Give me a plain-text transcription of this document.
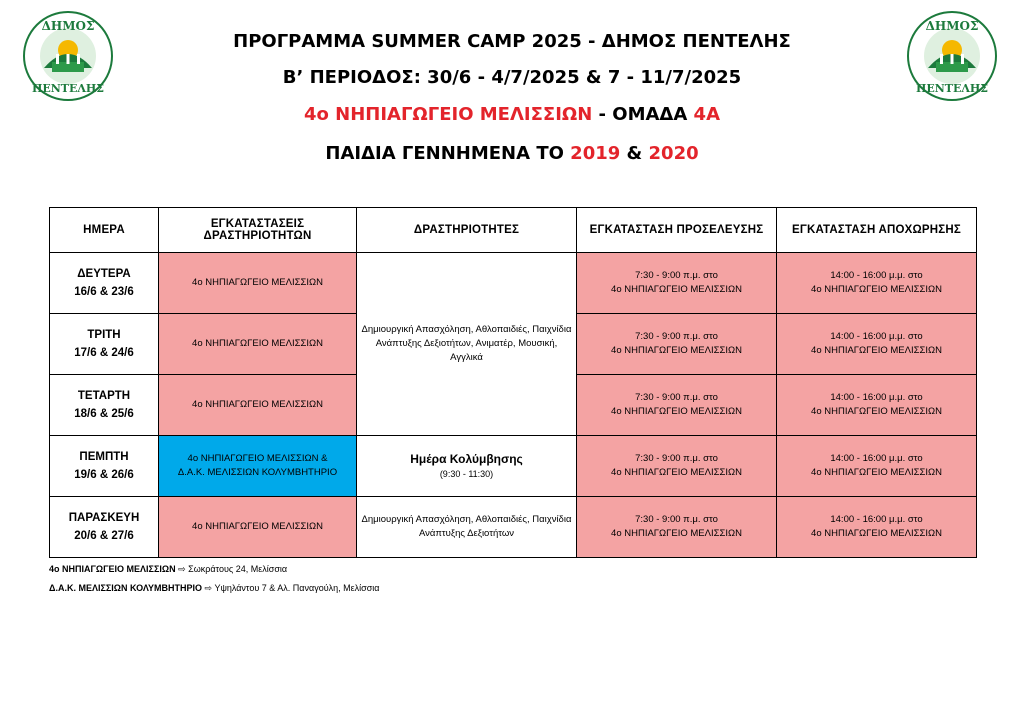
ΔΗΜΟΣ
ΠΕΝΤΕΛΗΣ
ΔΗΜΟΣ
ΠΕΝΤΕΛΗΣ
ΠΡΟΓΡΑΜΜΑ SUMMER CAMP 2025 - ΔΗΜΟΣ ΠΕΝΤΕΛΗΣ
Β’ ΠΕΡΙΟΔΟΣ: 30/6 - 4/7/2025 & 7 - 11/7/2025
4ο ΝΗΠΙΑΓΩΓΕΙΟ ΜΕΛΙΣΣΙΩΝ - ΟΜΑΔΑ 4Α
ΠΑΙΔΙΑ ΓΕΝΝΗΜΕΝΑ ΤΟ 2019 & 2020
ΗΜΕΡΑ	ΕΓΚΑΤΑΣΤΑΣΕΙΣ ΔΡΑΣΤΗΡΙΟΤΗΤΩΝ	ΔΡΑΣΤΗΡΙΟΤΗΤΕΣ	ΕΓΚΑΤΑΣΤΑΣΗ ΠΡΟΣΕΛΕΥΣΗΣ	ΕΓΚΑΤΑΣΤΑΣΗ ΑΠΟΧΩΡΗΣΗΣ
ΔΕΥΤΕΡΑ
16/6 & 23/6	4ο ΝΗΠΙΑΓΩΓΕΙΟ ΜΕΛΙΣΣΙΩΝ	Δημιουργική Απασχόληση, Αθλοπαιδιές, Παιχνίδια Ανάπτυξης Δεξιοτήτων, Ανιματέρ, Μουσική, Αγγλικά	7:30 - 9:00 π.μ. στο
4ο ΝΗΠΙΑΓΩΓΕΙΟ ΜΕΛΙΣΣΙΩΝ	14:00 - 16:00 μ.μ. στο
4ο ΝΗΠΙΑΓΩΓΕΙΟ ΜΕΛΙΣΣΙΩΝ
ΤΡΙΤΗ
17/6 & 24/6	4ο ΝΗΠΙΑΓΩΓΕΙΟ ΜΕΛΙΣΣΙΩΝ		7:30 - 9:00 π.μ. στο
4ο ΝΗΠΙΑΓΩΓΕΙΟ ΜΕΛΙΣΣΙΩΝ	14:00 - 16:00 μ.μ. στο
4ο ΝΗΠΙΑΓΩΓΕΙΟ ΜΕΛΙΣΣΙΩΝ
ΤΕΤΑΡΤΗ
18/6 & 25/6	4ο ΝΗΠΙΑΓΩΓΕΙΟ ΜΕΛΙΣΣΙΩΝ		7:30 - 9:00 π.μ. στο
4ο ΝΗΠΙΑΓΩΓΕΙΟ ΜΕΛΙΣΣΙΩΝ	14:00 - 16:00 μ.μ. στο
4ο ΝΗΠΙΑΓΩΓΕΙΟ ΜΕΛΙΣΣΙΩΝ
ΠΕΜΠΤΗ
19/6 & 26/6	4ο ΝΗΠΙΑΓΩΓΕΙΟ ΜΕΛΙΣΣΙΩΝ &
Δ.Α.Κ. ΜΕΛΙΣΣΙΩΝ ΚΟΛΥΜΒΗΤΗΡΙΟ	Ημέρα Κολύμβησης
(9:30 - 11:30)	7:30 - 9:00 π.μ. στο
4ο ΝΗΠΙΑΓΩΓΕΙΟ ΜΕΛΙΣΣΙΩΝ	14:00 - 16:00 μ.μ. στο
4ο ΝΗΠΙΑΓΩΓΕΙΟ ΜΕΛΙΣΣΙΩΝ
ΠΑΡΑΣΚΕΥΗ
20/6 & 27/6	4ο ΝΗΠΙΑΓΩΓΕΙΟ ΜΕΛΙΣΣΙΩΝ	Δημιουργική Απασχόληση, Αθλοπαιδιές, Παιχνίδια Ανάπτυξης Δεξιοτήτων	7:30 - 9:00 π.μ. στο
4ο ΝΗΠΙΑΓΩΓΕΙΟ ΜΕΛΙΣΣΙΩΝ	14:00 - 16:00 μ.μ. στο
4ο ΝΗΠΙΑΓΩΓΕΙΟ ΜΕΛΙΣΣΙΩΝ
4ο ΝΗΠΙΑΓΩΓΕΙΟ ΜΕΛΙΣΣΙΩΝ ⇨ Σωκράτους 24, Μελίσσια
Δ.Α.Κ. ΜΕΛΙΣΣΙΩΝ ΚΟΛΥΜΒΗΤΗΡΙΟ ⇨ Υψηλάντου 7 & Αλ. Παναγούλη, Μελίσσια
